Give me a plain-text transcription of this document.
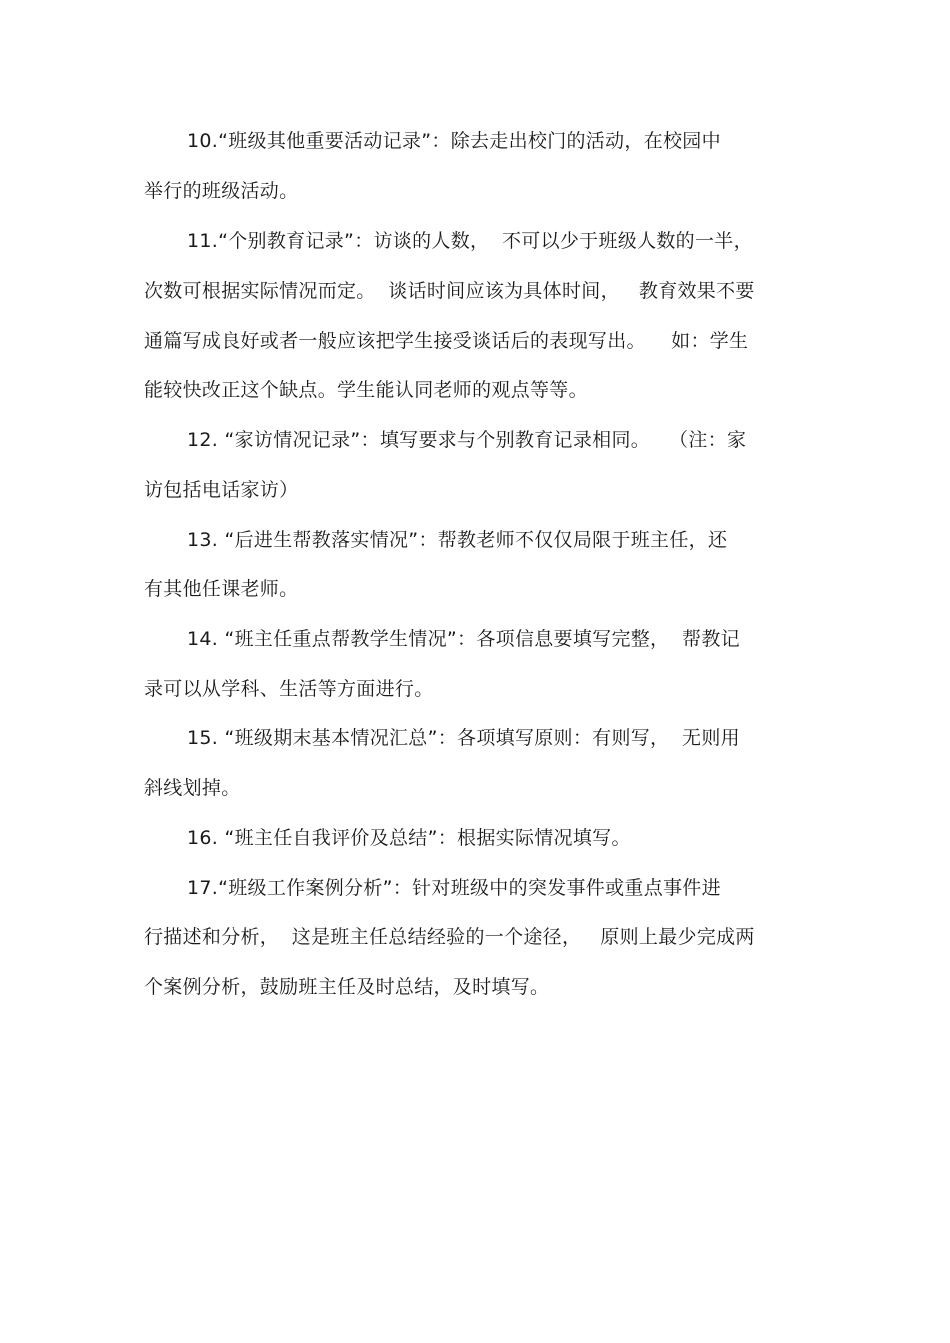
10.“班级其他重要活动记录”：除去走出校门的活动，在校园中
举行的班级活动。
11.“个别教育记录”：访谈的人数，  不可以少于班级人数的一半，
次数可根据实际情况而定。  谈话时间应该为具体时间，   教育效果不要
通篇写成良好或者一般应该把学生接受谈话后的表现写出。    如：学生
能较快改正这个缺点。学生能认同老师的观点等等。
12. “家访情况记录”：填写要求与个别教育记录相同。   （注：家
访包括电话家访）
13. “后进生帮教落实情况”：帮教老师不仅仅局限于班主任，还
有其他任课老师。
14. “班主任重点帮教学生情况”：各项信息要填写完整，  帮教记
录可以从学科、生活等方面进行。
15. “班级期末基本情况汇总”：各项填写原则：有则写，  无则用
斜线划掉。
16. “班主任自我评价及总结”：根据实际情况填写。
17.“班级工作案例分析”：针对班级中的突发事件或重点事件进
行描述和分析，  这是班主任总结经验的一个途径，   原则上最少完成两
个案例分析，鼓励班主任及时总结，及时填写。
